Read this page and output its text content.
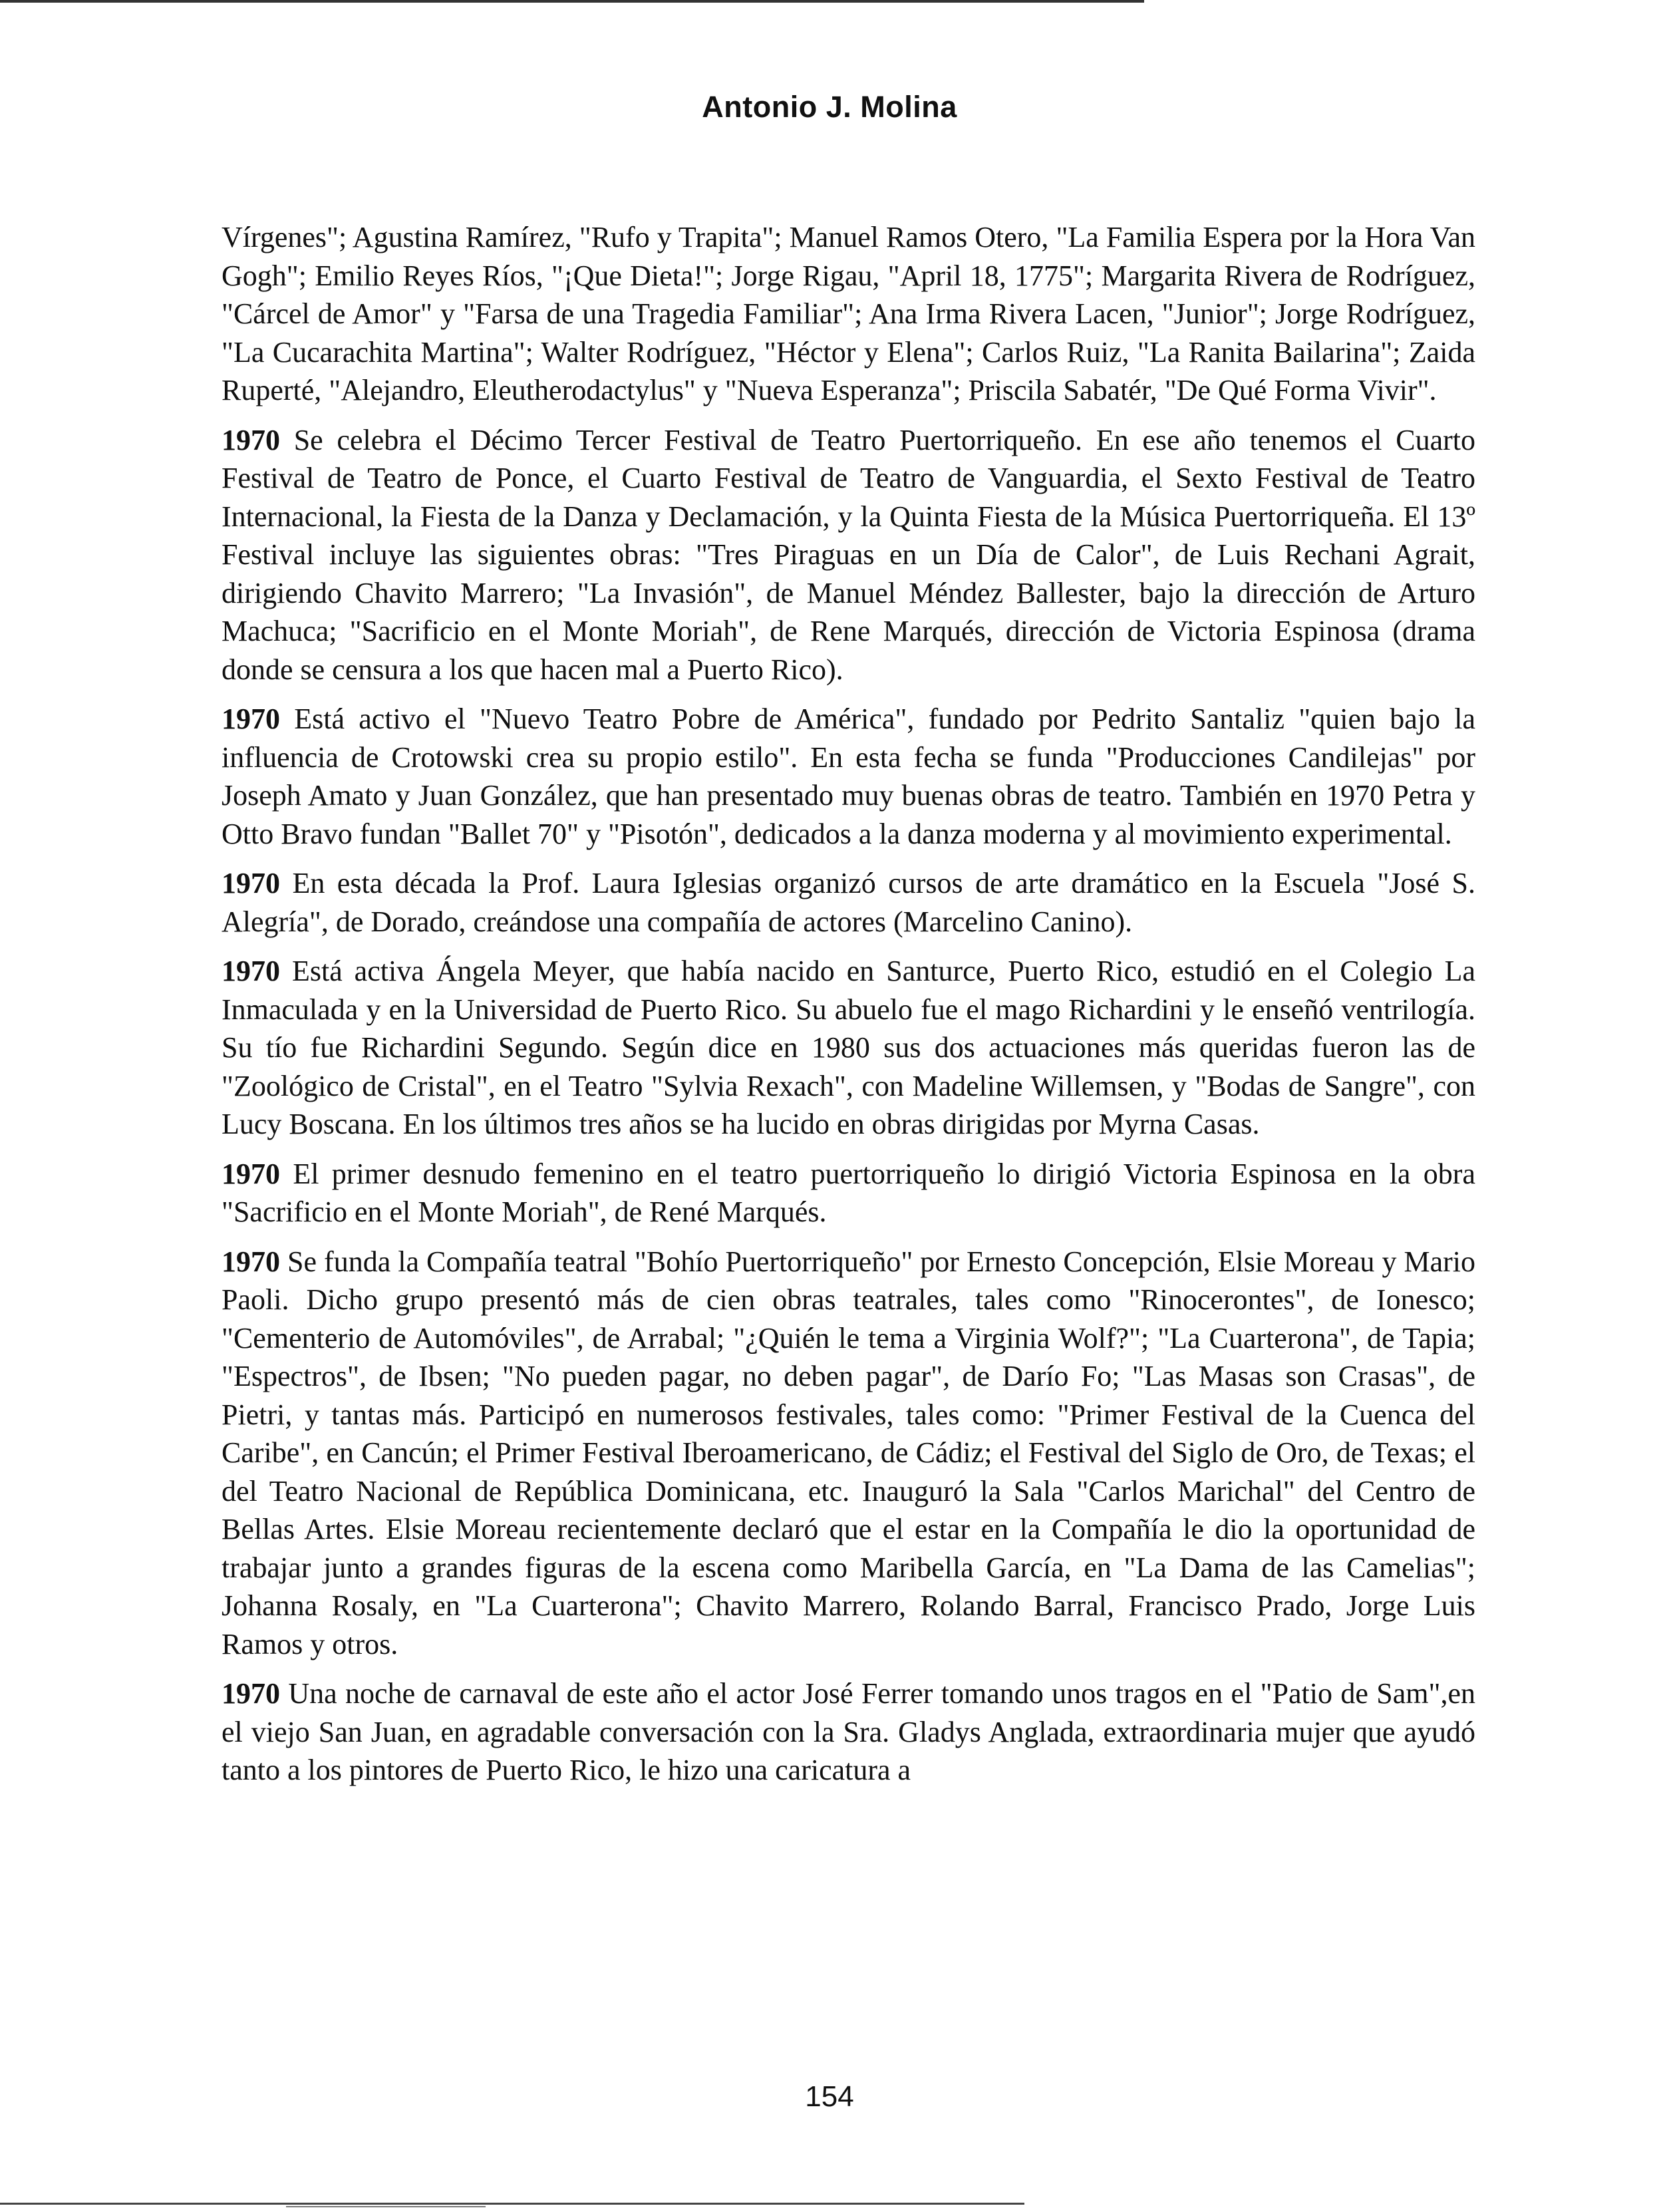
Antonio J. Molina

Vírgenes"; Agustina Ramírez, "Rufo y Trapita"; Manuel Ramos Otero, "La Familia Espera por la Hora Van Gogh"; Emilio Reyes Ríos, "¡Que Dieta!"; Jorge Rigau, "April 18, 1775"; Margarita Rivera de Rodríguez, "Cárcel de Amor" y "Farsa de una Tragedia Familiar"; Ana Irma Rivera Lacen, "Junior"; Jorge Rodríguez, "La Cucarachita Martina"; Walter Rodríguez, "Héctor y Elena"; Carlos Ruiz, "La Ranita Bailarina"; Zaida Ruperté, "Alejandro, Eleutherodactylus" y "Nueva Esperanza"; Priscila Sabatér, "De Qué Forma Vivir".

1970 Se celebra el Décimo Tercer Festival de Teatro Puertorriqueño. En ese año tenemos el Cuarto Festival de Teatro de Ponce, el Cuarto Festival de Teatro de Vanguardia, el Sexto Festival de Teatro Internacional, la Fiesta de la Danza y Declamación, y la Quinta Fiesta de la Música Puertorriqueña. El 13º Festival incluye las siguientes obras: "Tres Piraguas en un Día de Calor", de Luis Rechani Agrait, dirigiendo Chavito Marrero; "La Invasión", de Manuel Méndez Ballester, bajo la dirección de Arturo Machuca; "Sacrificio en el Monte Moriah", de Rene Marqués, dirección de Victoria Espinosa (drama donde se censura a los que hacen mal a Puerto Rico).

1970 Está activo el "Nuevo Teatro Pobre de América", fundado por Pedrito Santaliz "quien bajo la influencia de Crotowski crea su propio estilo". En esta fecha se funda "Producciones Candilejas" por Joseph Amato y Juan González, que han presentado muy buenas obras de teatro. También en 1970 Petra y Otto Bravo fundan "Ballet 70" y "Pisotón", dedicados a la danza moderna y al movimiento experimental.

1970 En esta década la Prof. Laura Iglesias organizó cursos de arte dramático en la Escuela "José S. Alegría", de Dorado, creándose una compañía de actores (Marcelino Canino).

1970 Está activa Ángela Meyer, que había nacido en Santurce, Puerto Rico, estudió en el Colegio La Inmaculada y en la Universidad de Puerto Rico. Su abuelo fue el mago Richardini y le enseñó ventrilogía. Su tío fue Richardini Segundo. Según dice en 1980 sus dos actuaciones más queridas fueron las de "Zoológico de Cristal", en el Teatro "Sylvia Rexach", con Madeline Willemsen, y "Bodas de Sangre", con Lucy Boscana. En los últimos tres años se ha lucido en obras dirigidas por Myrna Casas.

1970 El primer desnudo femenino en el teatro puertorriqueño lo dirigió Victoria Espinosa en la obra "Sacrificio en el Monte Moriah", de René Marqués.

1970 Se funda la Compañía teatral "Bohío Puertorriqueño" por Ernesto Concepción, Elsie Moreau y Mario Paoli. Dicho grupo presentó más de cien obras teatrales, tales como "Rinocerontes", de Ionesco; "Cementerio de Automóviles", de Arrabal; "¿Quién le tema a Virginia Wolf?"; "La Cuarterona", de Tapia; "Espectros", de Ibsen; "No pueden pagar, no deben pagar", de Darío Fo; "Las Masas son Crasas", de Pietri, y tantas más. Participó en numerosos festivales, tales como: "Primer Festival de la Cuenca del Caribe", en Cancún; el Primer Festival Iberoamericano, de Cádiz; el Festival del Siglo de Oro, de Texas; el del Teatro Nacional de República Dominicana, etc. Inauguró la Sala "Carlos Marichal" del Centro de Bellas Artes. Elsie Moreau recientemente declaró que el estar en la Compañía le dio la oportunidad de trabajar junto a grandes figuras de la escena como Maribella García, en "La Dama de las Camelias"; Johanna Rosaly, en "La Cuarterona"; Chavito Marrero, Rolando Barral, Francisco Prado, Jorge Luis Ramos y otros.

1970 Una noche de carnaval de este año el actor José Ferrer tomando unos tragos en el "Patio de Sam",en el viejo San Juan, en agradable conversación con la Sra. Gladys Anglada, extraordinaria mujer que ayudó tanto a los pintores de Puerto Rico, le hizo una caricatura a

154
